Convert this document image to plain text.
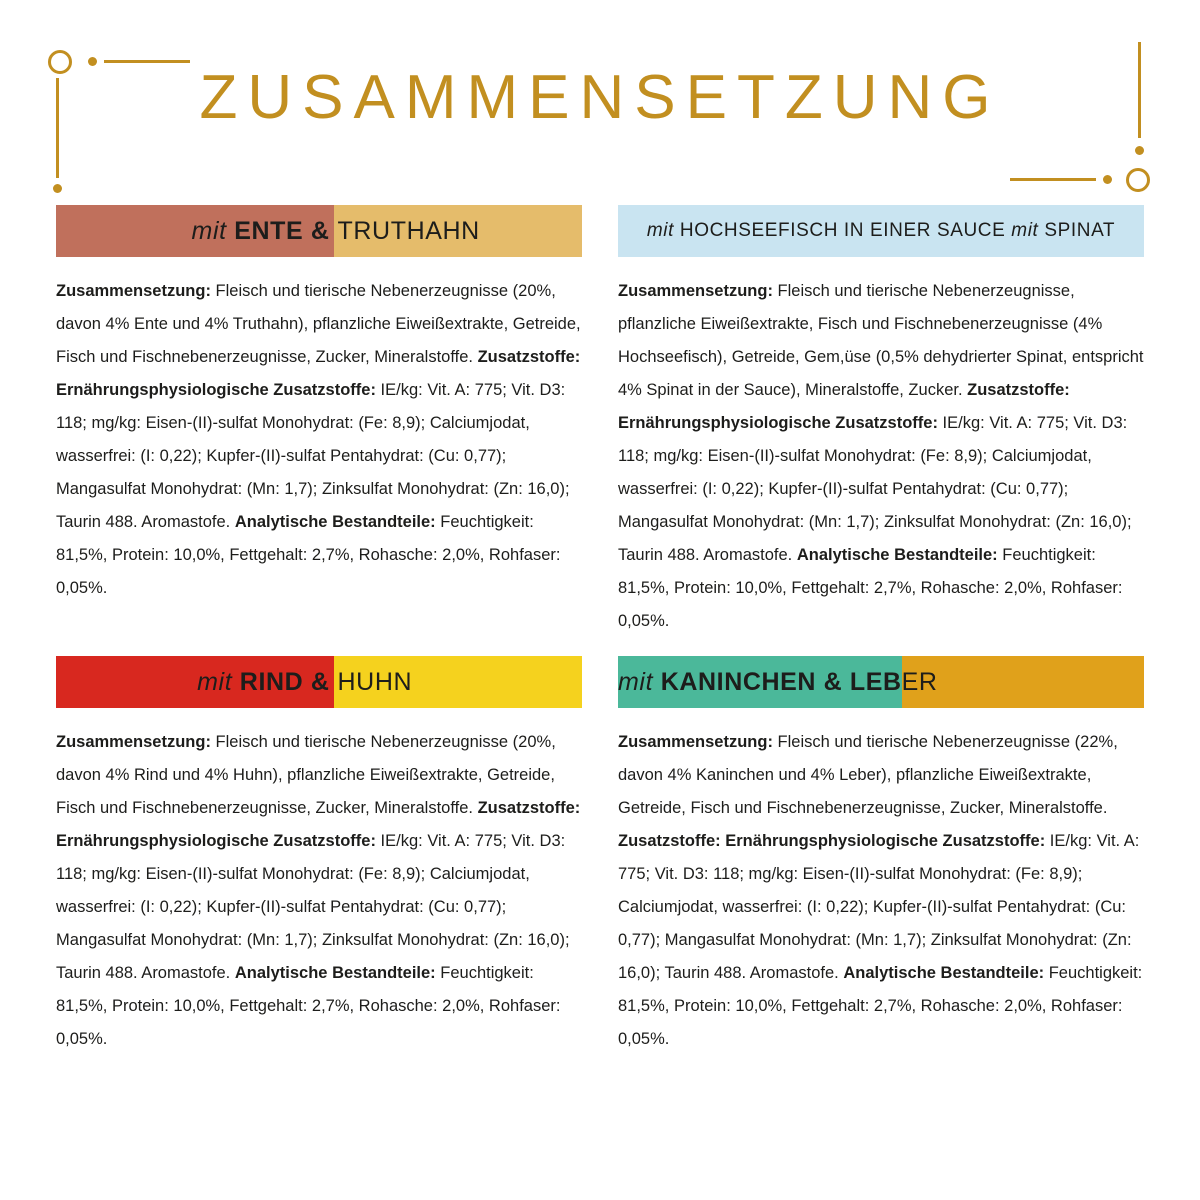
ZUSAMMENSETZUNG
mit ENTE & TRUTHAHN
Zusammensetzung: Fleisch und tierische Nebenerzeugnisse (20%, davon 4% Ente und 4% Truthahn), pflanzliche Eiweißextrakte, Getreide, Fisch und Fischnebenerzeugnisse, Zucker, Mineralstoffe. Zusatzstoffe: Ernährungsphysiologische Zusatzstoffe: IE/kg: Vit. A: 775; Vit. D3: 118; mg/kg: Eisen-(II)-sulfat Monohydrat: (Fe: 8,9); Calciumjodat, wasserfrei: (I: 0,22); Kupfer-(II)-sulfat Pentahydrat: (Cu: 0,77); Mangasulfat Monohydrat: (Mn: 1,7); Zinksulfat Monohydrat: (Zn: 16,0); Taurin 488. Aromastofe. Analytische Bestandteile: Feuchtigkeit: 81,5%, Protein: 10,0%, Fettgehalt: 2,7%, Rohasche: 2,0%, Rohfaser: 0,05%.
mit HOCHSEEFISCH IN EINER SAUCE mit SPINAT
Zusammensetzung: Fleisch und tierische Nebenerzeugnisse, pflanzliche Eiweißextrakte, Fisch und Fischnebenerzeugnisse (4% Hochseefisch), Getreide, Gem,üse (0,5% dehydrierter Spinat, entspricht 4% Spinat in der Sauce), Mineralstoffe, Zucker. Zusatzstoffe: Ernährungsphysiologische Zusatzstoffe: IE/kg: Vit. A: 775; Vit. D3: 118; mg/kg: Eisen-(II)-sulfat Monohydrat: (Fe: 8,9); Calciumjodat, wasserfrei: (I: 0,22); Kupfer-(II)-sulfat Pentahydrat: (Cu: 0,77); Mangasulfat Monohydrat: (Mn: 1,7); Zinksulfat Monohydrat: (Zn: 16,0); Taurin 488. Aromastofe. Analytische Bestandteile: Feuchtigkeit: 81,5%, Protein: 10,0%, Fettgehalt: 2,7%, Rohasche: 2,0%, Rohfaser: 0,05%.
mit RIND & HUHN
Zusammensetzung: Fleisch und tierische Nebenerzeugnisse (20%, davon 4% Rind und 4% Huhn), pflanzliche Eiweißextrakte, Getreide, Fisch und Fischnebenerzeugnisse, Zucker, Mineralstoffe. Zusatzstoffe: Ernährungsphysiologische Zusatzstoffe: IE/kg: Vit. A: 775; Vit. D3: 118; mg/kg: Eisen-(II)-sulfat Monohydrat: (Fe: 8,9); Calciumjodat, wasserfrei: (I: 0,22); Kupfer-(II)-sulfat Pentahydrat: (Cu: 0,77); Mangasulfat Monohydrat: (Mn: 1,7); Zinksulfat Monohydrat: (Zn: 16,0); Taurin 488. Aromastofe. Analytische Bestandteile: Feuchtigkeit: 81,5%, Protein: 10,0%, Fettgehalt: 2,7%, Rohasche: 2,0%, Rohfaser: 0,05%.
mit KANINCHEN & LEB ER
Zusammensetzung: Fleisch und tierische Nebenerzeugnisse (22%, davon 4% Kaninchen und 4% Leber), pflanzliche Eiweißextrakte, Getreide, Fisch und Fischnebenerzeugnisse, Zucker, Mineralstoffe. Zusatzstoffe: Ernährungsphysiologische Zusatzstoffe: IE/kg: Vit. A: 775; Vit. D3: 118; mg/kg: Eisen-(II)-sulfat Monohydrat: (Fe: 8,9); Calciumjodat, wasserfrei: (I: 0,22); Kupfer-(II)-sulfat Pentahydrat: (Cu: 0,77); Mangasulfat Monohydrat: (Mn: 1,7); Zinksulfat Monohydrat: (Zn: 16,0); Taurin 488. Aromastofe. Analytische Bestandteile: Feuchtigkeit: 81,5%, Protein: 10,0%, Fettgehalt: 2,7%, Rohasche: 2,0%, Rohfaser: 0,05%.
